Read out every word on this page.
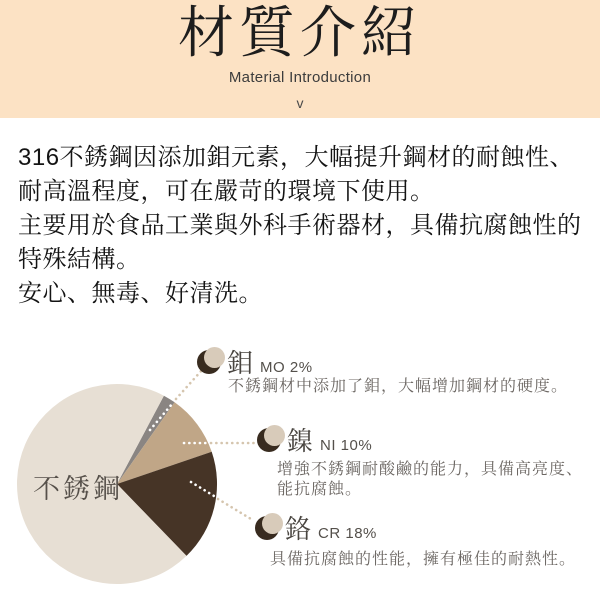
材質介紹
Material Introduction
v
316不銹鋼因添加鉬元素，大幅提升鋼材的耐蝕性、
耐高溫程度，可在嚴苛的環境下使用。
主要用於食品工業與外科手術器材，具備抗腐蝕性的
特殊結構。
安心、無毒、好清洗。
不銹鋼
鉬 MO 2%
不銹鋼材中添加了鉬，大幅增加鋼材的硬度。
鎳 NI 10%
增強不銹鋼耐酸鹼的能力，具備高亮度、
能抗腐蝕。
鉻 CR 18%
具備抗腐蝕的性能，擁有極佳的耐熱性。
